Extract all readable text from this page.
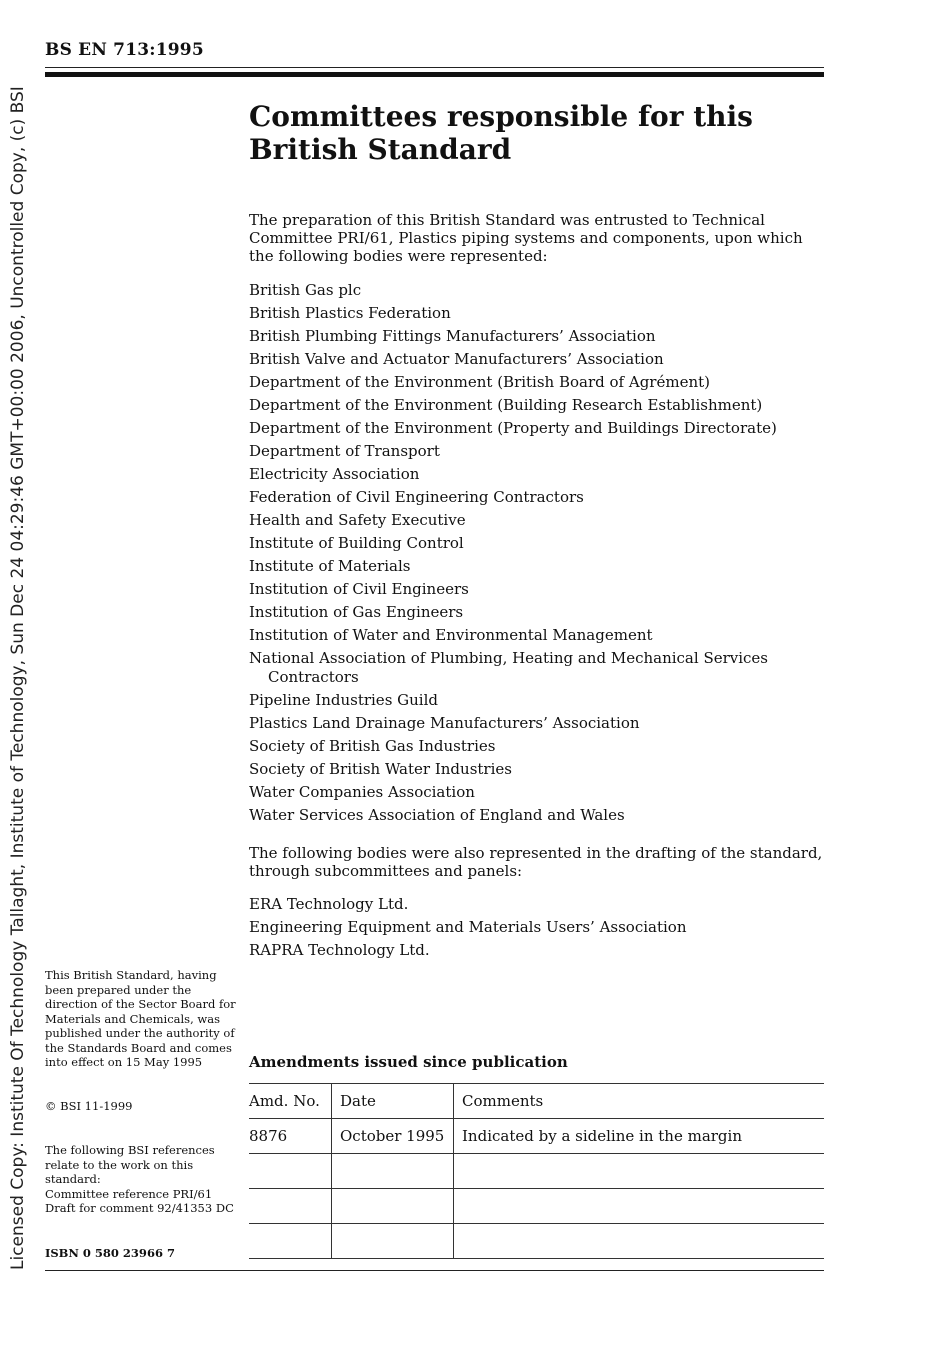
BS EN 713:1995
Licensed Copy: Institute Of Technology Tallaght, Institute of Technology, Sun Dec 24 04:29:46 GMT+00:00 2006, Uncontrolled Copy, (c) BSI	Committees responsible for this
British Standard
The preparation of this British Standard was entrusted to Technical Committee PRI/61, Plastics piping systems and components, upon which the following bodies were represented:
British Gas plc
British Plastics Federation
British Plumbing Fittings Manufacturers’ Association
British Valve and Actuator Manufacturers’ Association
Department of the Environment (British Board of Agrément)
Department of the Environment (Building Research Establishment)
Department of the Environment (Property and Buildings Directorate)
Department of Transport
Electricity Association
Federation of Civil Engineering Contractors
Health and Safety Executive
Institute of Building Control
Institute of Materials
Institution of Civil Engineers
Institution of Gas Engineers
Institution of Water and Environmental Management
National Association of Plumbing, Heating and Mechanical Services Contractors
Pipeline Industries Guild
Plastics Land Drainage Manufacturers’ Association
Society of British Gas Industries
Society of British Water Industries
Water Companies Association
Water Services Association of England and Wales
The following bodies were also represented in the drafting of the standard, through subcommittees and panels:
ERA Technology Ltd.
Engineering Equipment and Materials Users’ Association
RAPRA Technology Ltd.
This British Standard, having been prepared under the direction of the Sector Board for Materials and Chemicals, was published under the authority of the Standards Board and comes into effect on 15 May 1995
© BSI 11-1999
The following BSI references relate to the work on this standard:
Committee reference PRI/61
Draft for comment 92/41353 DC
ISBN 0 580 23966 7
Amendments issued since publication
Amd. No.	Date	Comments
8876	October 1995	Indicated by a sideline in the margin
